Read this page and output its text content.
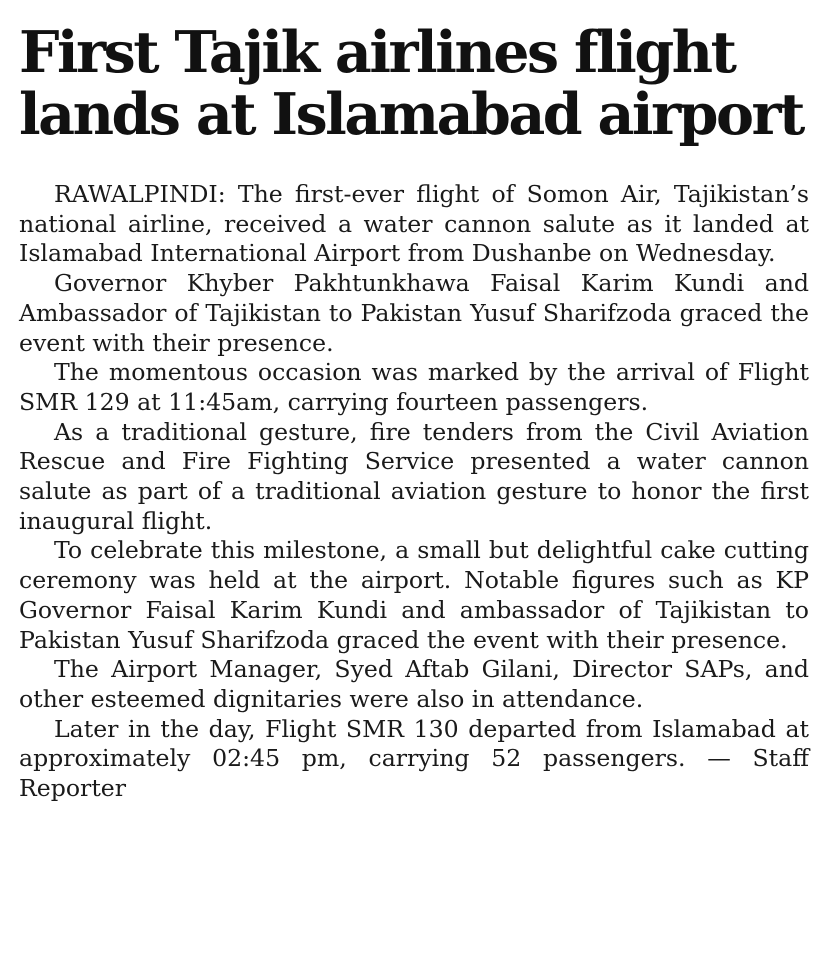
First Tajik airlines flight
lands at Islamabad airport

RAWALPINDI: The first-ever flight of Somon Air, Tajikistan’s national airline, received a water cannon salute as it landed at Islamabad International Airport from Dushanbe on Wednesday.

Governor Khyber Pakhtunkhawa Faisal Karim Kundi and Ambassador of Tajikistan to Pakistan Yusuf Sharifzoda graced the event with their presence.

The momentous occasion was marked by the arrival of Flight SMR 129 at 11:45am, carrying fourteen passengers.

As a traditional gesture, fire tenders from the Civil Aviation Rescue and Fire Fighting Service presented a water cannon salute as part of a traditional aviation gesture to honor the first inaugural flight.

To celebrate this milestone, a small but delightful cake cutting ceremony was held at the airport. Notable figures such as KP Governor Faisal Karim Kundi and ambassador of Tajikistan to Pakistan Yusuf Sharifzoda graced the event with their presence.

The Airport Manager, Syed Aftab Gilani, Director SAPs, and other esteemed dignitaries were also in attendance.

Later in the day, Flight SMR 130 departed from Islamabad at approximately 02:45 pm, carrying 52 passengers. — Staff Reporter
